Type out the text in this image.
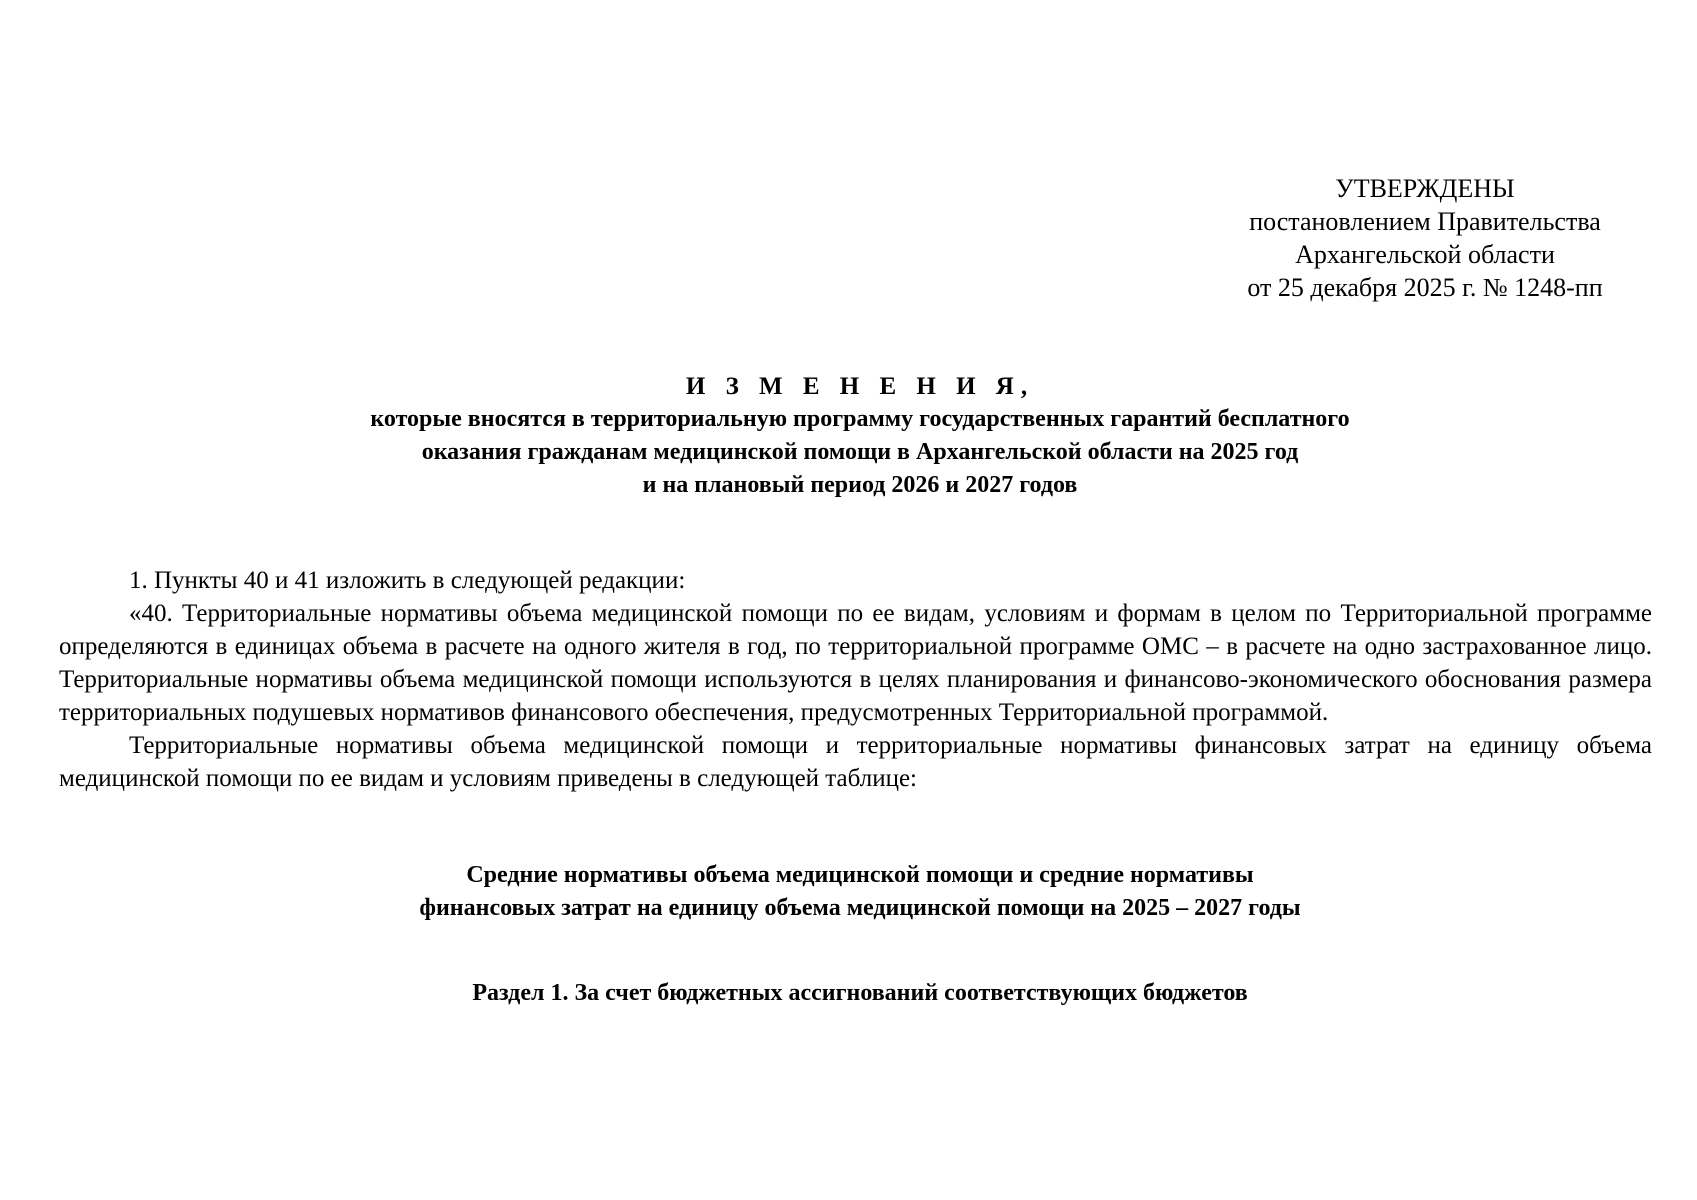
УТВЕРЖДЕНЫ
постановлением Правительства
Архангельской области
от 25 декабря 2025 г. № 1248-пп
И З М Е Н Е Н И Я,
которые вносятся в территориальную программу государственных гарантий бесплатного
оказания гражданам медицинской помощи в Архангельской области на 2025 год
и на плановый период 2026 и 2027 годов

1. Пункты 40 и 41 изложить в следующей редакции:

«40. Территориальные нормативы объема медицинской помощи по ее видам, условиям и формам в целом по Территориальной программе определяются в единицах объема в расчете на одного жителя в год, по территориальной программе ОМС – в расчете на одно застрахованное лицо. Территориальные нормативы объема медицинской помощи используются в целях планирования и финансово-экономического обоснования размера территориальных подушевых нормативов финансового обеспечения, предусмотренных Территориальной программой.

Территориальные нормативы объема медицинской помощи и территориальные нормативы финансовых затрат на единицу объема медицинской помощи по ее видам и условиям приведены в следующей таблице:

Средние нормативы объема медицинской помощи и средние нормативы
финансовых затрат на единицу объема медицинской помощи на 2025 – 2027 годы
Раздел 1. За счет бюджетных ассигнований соответствующих бюджетов
